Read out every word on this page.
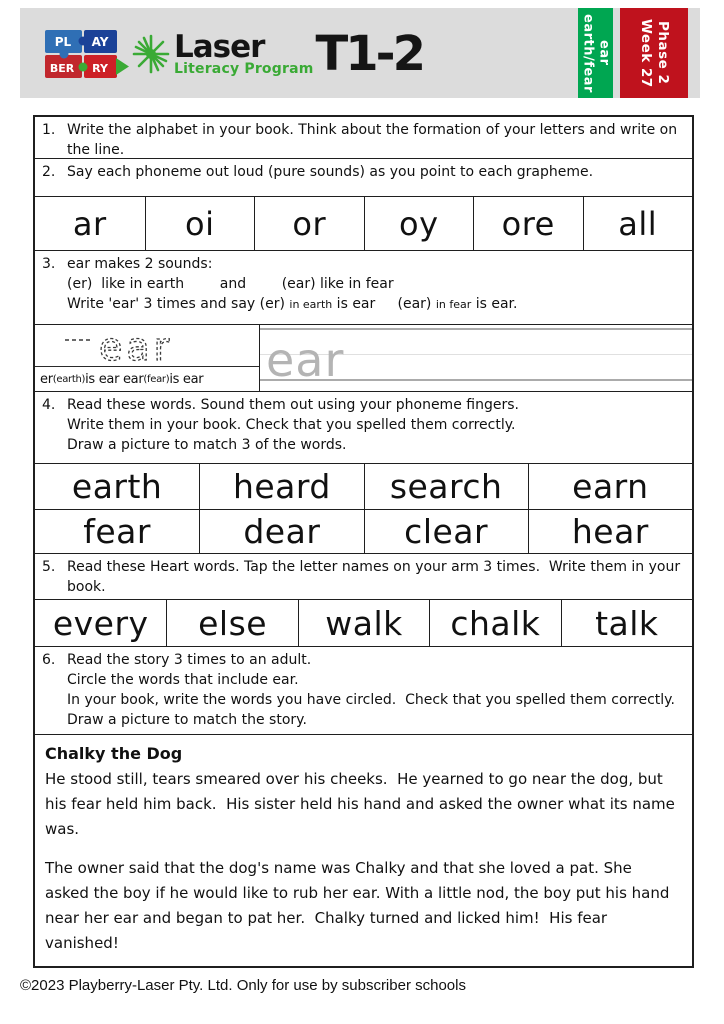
PL AY
BER RY
Laser
Literacy Program T1-2	ear
earth/fear	Phase 2
Week 27
1. Write the alphabet in your book. Think about the formation of your letters and write on the line.
2. Say each phoneme out loud (pure sounds) as you point to each grapheme.
ar	oi	or	oy	ore	all
3. ear makes 2 sounds:
(er)  like in earth        and        (ear) like in fear
Write 'ear' 3 times and say (er) in earth is ear     (ear) in fear is ear.
ear
er (earth) is ear ear (fear) is ear ear
4. Read these words. Sound them out using your phoneme fingers.
Write them in your book. Check that you spelled them correctly.
Draw a picture to match 3 of the words.
earth	heard	search	earn
fear	dear	clear	hear
5. Read these Heart words. Tap the letter names on your arm 3 times.  Write them in your book.
every	else	walk	chalk	talk
6. Read the story 3 times to an adult.
Circle the words that include ear.
In your book, write the words you have circled.  Check that you spelled them correctly.
Draw a picture to match the story.
Chalky the Dog

He stood still, tears smeared over his cheeks.  He yearned to go near the dog, but his fear held him back.  His sister held his hand and asked the owner what its name was.

The owner said that the dog's name was Chalky and that she loved a pat. She asked the boy if he would like to rub her ear. With a little nod, the boy put his hand near her ear and began to pat her.  Chalky turned and licked him!  His fear vanished!

©2023 Playberry-Laser Pty. Ltd. Only for use by subscriber schools
